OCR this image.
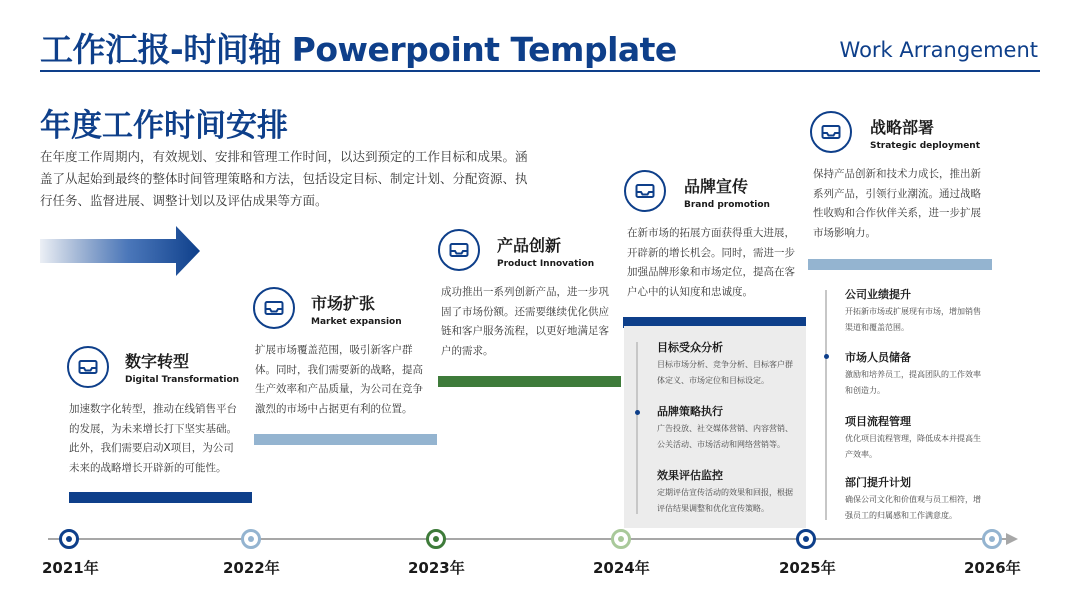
工作汇报-时间轴 Powerpoint Template	Work Arrangement
年度工作时间安排
在年度工作周期内，有效规划、安排和管理工作时间，以达到预定的工作目标和成果。涵盖了从起始到最终的整体时间管理策略和方法，包括设定目标、制定计划、分配资源、执行任务、监督进展、调整计划以及评估成果等方面。
数字转型
Digital Transformation
加速数字化转型，推动在线销售平台的发展，为未来增长打下坚实基础。此外，我们需要启动X项目，为公司未来的战略增长开辟新的可能性。
市场扩张
Market expansion
扩展市场覆盖范围，吸引新客户群体。同时，我们需要新的战略，提高生产效率和产品质量，为公司在竞争激烈的市场中占据更有利的位置。
产品创新
Product Innovation
成功推出一系列创新产品，进一步巩固了市场份额。还需要继续优化供应链和客户服务流程，以更好地满足客户的需求。
品牌宣传
Brand promotion
在新市场的拓展方面获得重大进展，开辟新的增长机会。同时，需进一步加强品牌形象和市场定位，提高在客户心中的认知度和忠诚度。
目标受众分析
目标市场分析、竞争分析、目标客户群体定义、市场定位和目标设定。
品牌策略执行
广告投放、社交媒体营销、内容营销、公关活动、市场活动和网络营销等。
效果评估监控
定期评估宣传活动的效果和回报，根据评估结果调整和优化宣传策略。
战略部署
Strategic deployment
保持产品创新和技术力成长，推出新系列产品，引领行业潮流。通过战略性收购和合作伙伴关系，进一步扩展市场影响力。
公司业绩提升
开拓新市场或扩展现有市场，增加销售渠道和覆盖范围。
市场人员储备
激励和培养员工，提高团队的工作效率和创造力。
项目流程管理
优化项目流程管理，降低成本并提高生产效率。
部门提升计划
确保公司文化和价值观与员工相符，增强员工的归属感和工作满意度。
2021年	2022年	2023年	2024年	2025年	2026年
